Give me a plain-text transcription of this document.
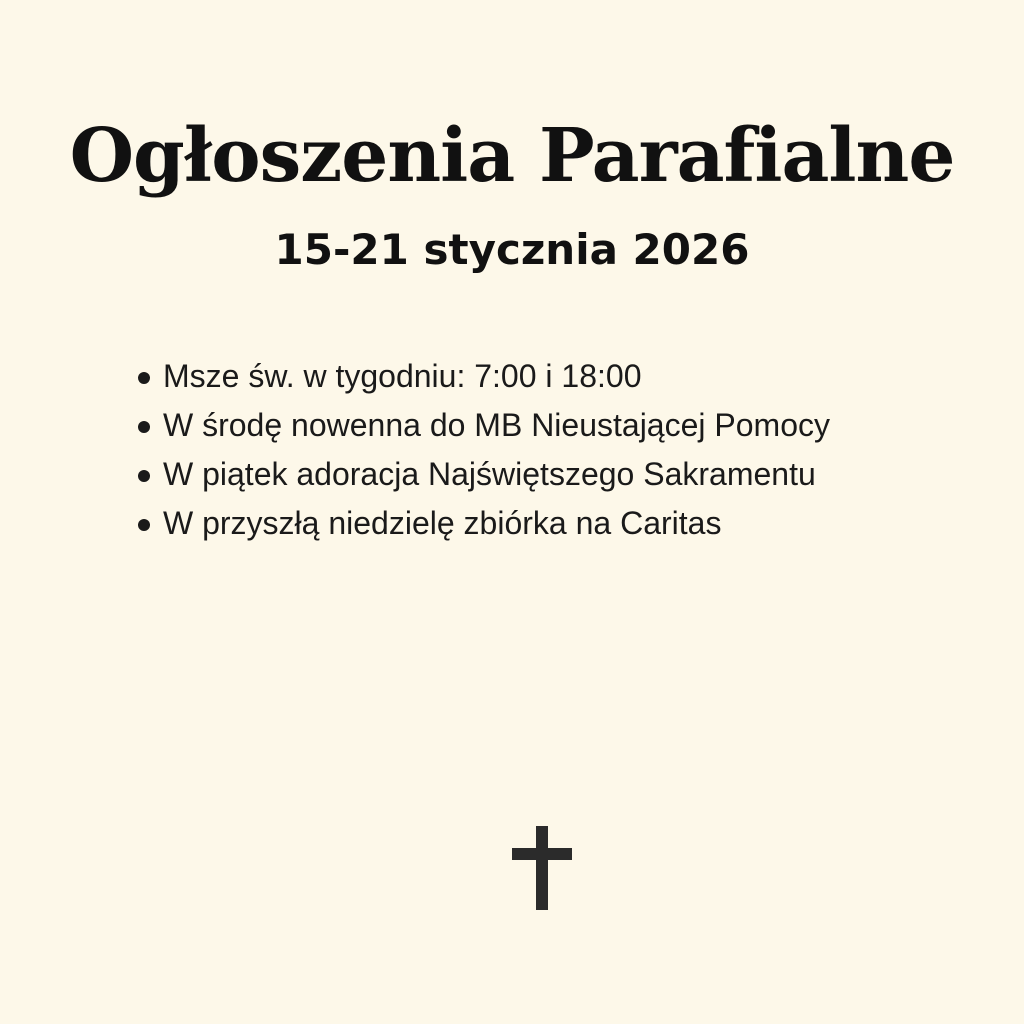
Ogłoszenia Parafialne
15-21 stycznia 2026
Msze św. w tygodniu: 7:00 i 18:00
W środę nowenna do MB Nieustającej Pomocy
W piątek adoracja Najświętszego Sakramentu
W przyszłą niedzielę zbiórka na Caritas
